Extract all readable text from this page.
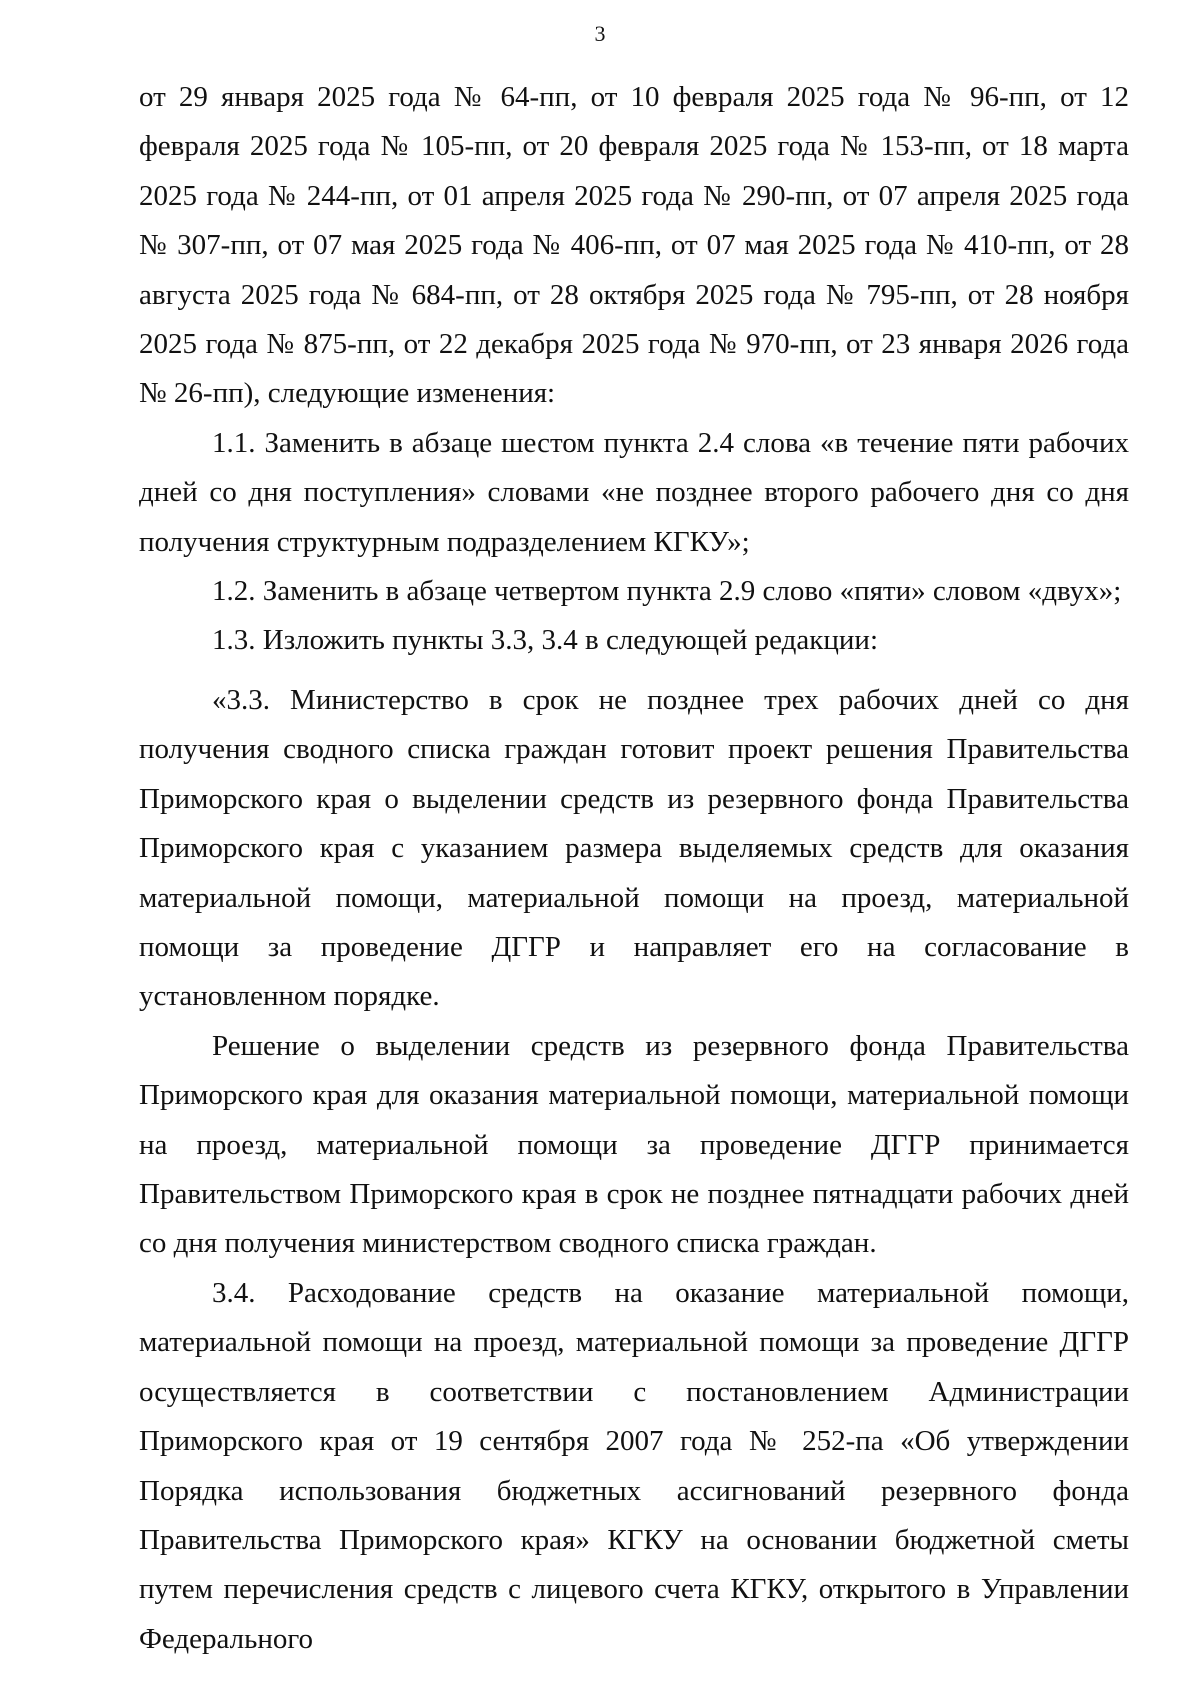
3

от 29 января 2025 года № 64-пп, от 10 февраля 2025 года № 96-пп, от 12 февраля 2025 года № 105-пп, от 20 февраля 2025 года № 153-пп, от 18 марта 2025 года № 244-пп, от 01 апреля 2025 года № 290-пп, от 07 апреля 2025 года № 307-пп, от 07 мая 2025 года № 406-пп, от 07 мая 2025 года № 410-пп, от 28 августа 2025 года № 684-пп, от 28 октября 2025 года № 795-пп, от 28 ноября 2025 года № 875-пп, от 22 декабря 2025 года № 970-пп, от 23 января 2026 года № 26-пп), следующие изменения:

1.1. Заменить в абзаце шестом пункта 2.4 слова «в течение пяти рабочих дней со дня поступления» словами «не позднее второго рабочего дня со дня получения структурным подразделением КГКУ»;

1.2. Заменить в абзаце четвертом пункта 2.9 слово «пяти» словом «двух»;

1.3. Изложить пункты 3.3, 3.4 в следующей редакции:

«3.3. Министерство в срок не позднее трех рабочих дней со дня получения сводного списка граждан готовит проект решения Правительства Приморского края о выделении средств из резервного фонда Правительства Приморского края с указанием размера выделяемых средств для оказания материальной помощи, материальной помощи на проезд, материальной помощи за проведение ДГГР и направляет его на согласование в установленном порядке.

Решение о выделении средств из резервного фонда Правительства Приморского края для оказания материальной помощи, материальной помощи на проезд, материальной помощи за проведение ДГГР принимается Правительством Приморского края в срок не позднее пятнадцати рабочих дней со дня получения министерством сводного списка граждан.

3.4. Расходование средств на оказание материальной помощи, материальной помощи на проезд, материальной помощи за проведение ДГГР осуществляется в соответствии с постановлением Администрации Приморского края от 19 сентября 2007 года № 252-па «Об утверждении Порядка использования бюджетных ассигнований резервного фонда Правительства Приморского края» КГКУ на основании бюджетной сметы путем перечисления средств с лицевого счета КГКУ, открытого в Управлении Федерального
